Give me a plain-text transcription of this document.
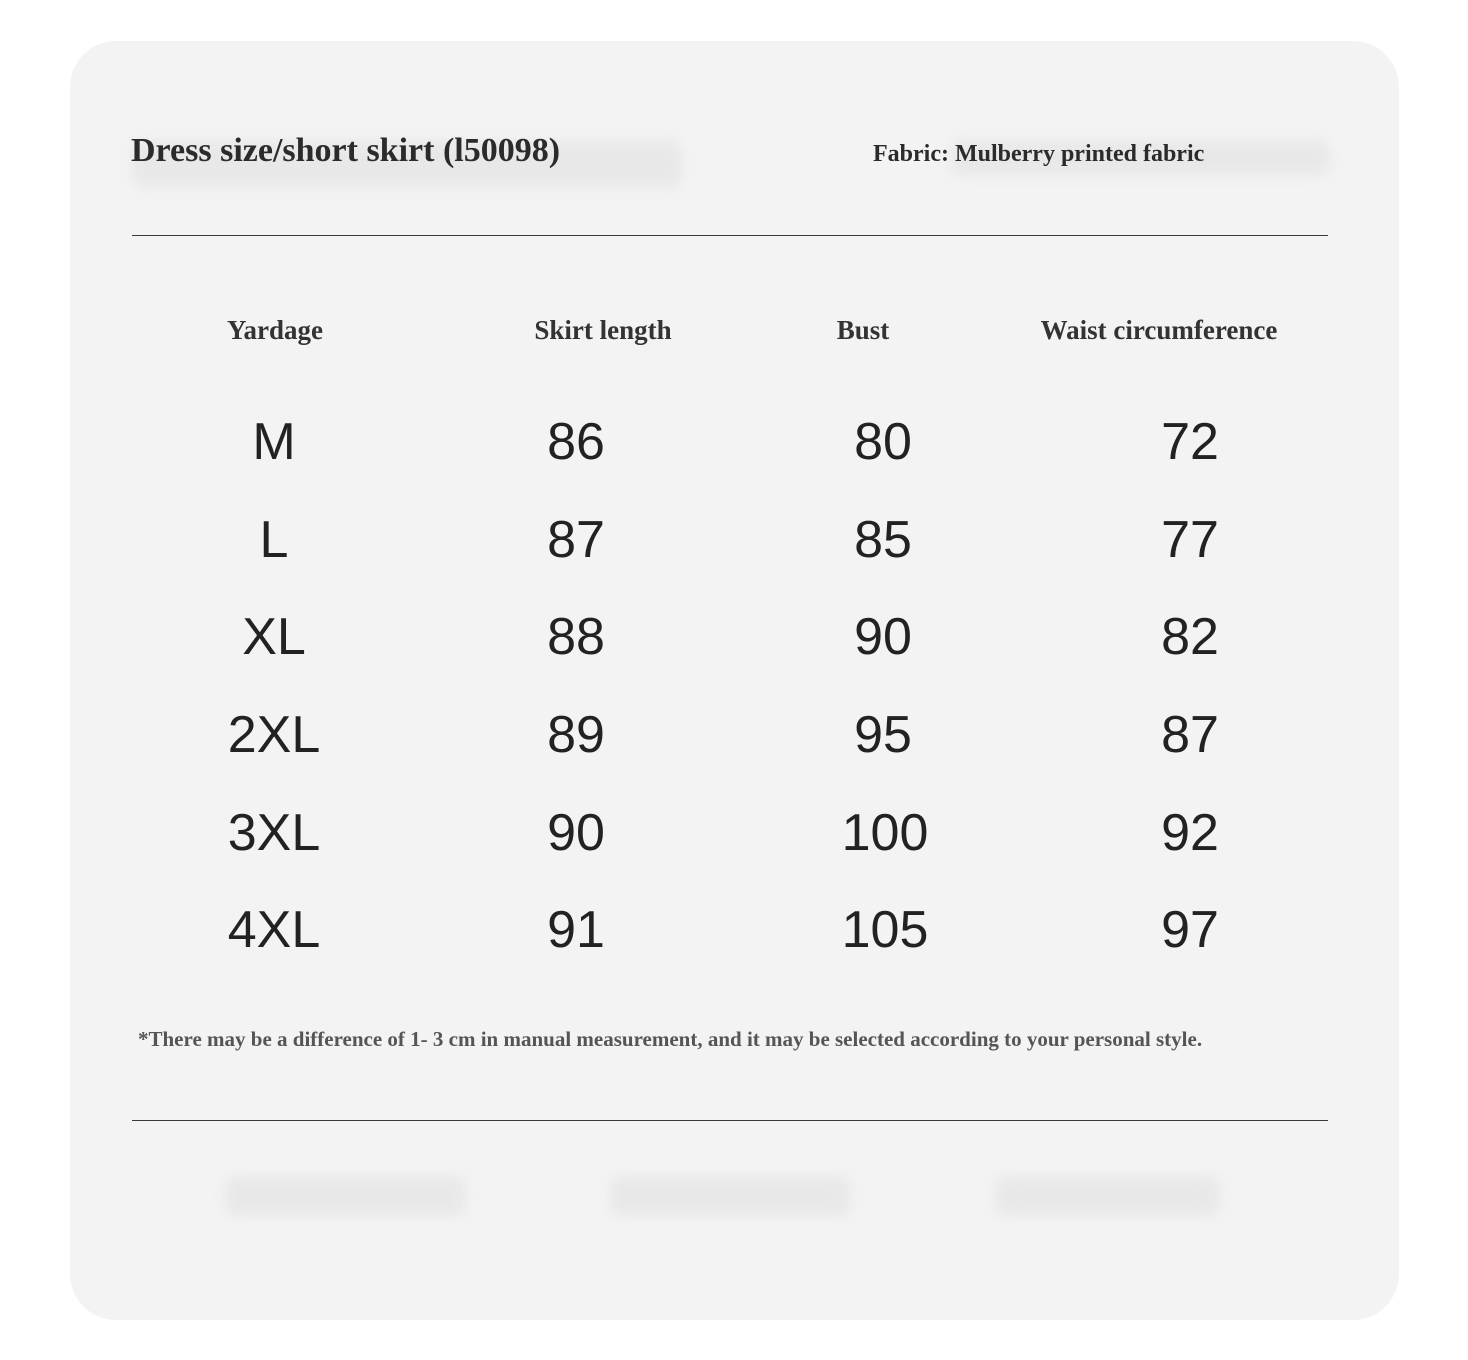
Dress size/short skirt (l50098)	Fabric: Mulberry printed fabric
Yardage	Skirt length	Bust	Waist circumference
M	86	80	72
L	87	85	77
XL	88	90	82
2XL	89	95	87
3XL	90	100	92
4XL	91	105	97
*There may be a difference of 1- 3 cm in manual measurement, and it may be selected according to your personal style.
